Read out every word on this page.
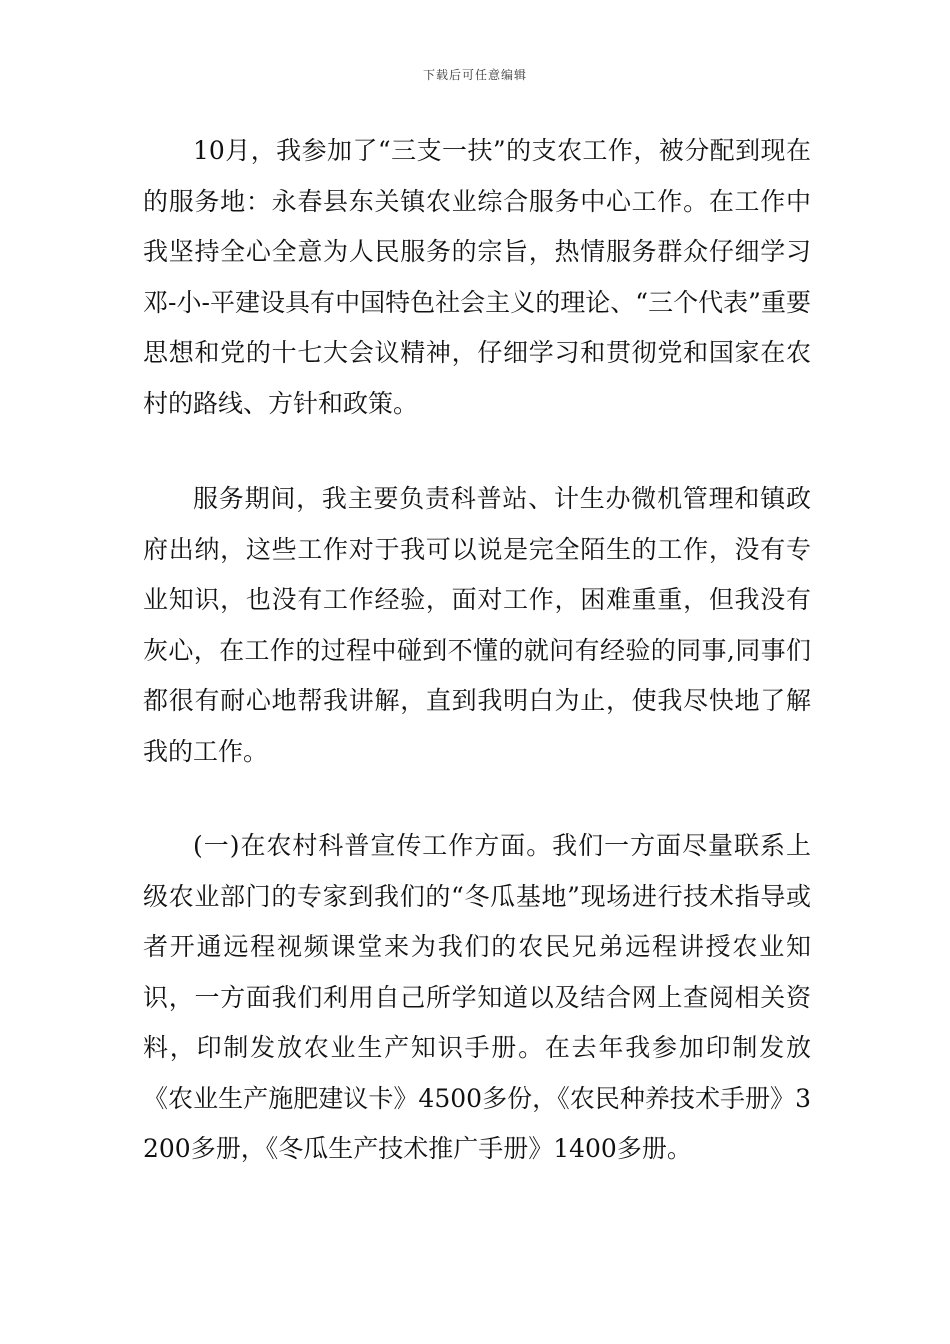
下载后可任意编辑

10月，我参加了“三支一扶”的支农工作，被分配到现在的服务地：永春县东关镇农业综合服务中心工作。在工作中我坚持全心全意为人民服务的宗旨，热情服务群众仔细学习邓-小-平建设具有中国特色社会主义的理论、“三个代表”重要思想和党的十七大会议精神，仔细学习和贯彻党和国家在农村的路线、方针和政策。

服务期间，我主要负责科普站、计生办微机管理和镇政府出纳，这些工作对于我可以说是完全陌生的工作，没有专业知识，也没有工作经验，面对工作，困难重重，但我没有灰心，在工作的过程中碰到不懂的就问有经验的同事,同事们都很有耐心地帮我讲解，直到我明白为止，使我尽快地了解我的工作。

(一)在农村科普宣传工作方面。我们一方面尽量联系上级农业部门的专家到我们的“冬瓜基地”现场进行技术指导或者开通远程视频课堂来为我们的农民兄弟远程讲授农业知识，一方面我们利用自己所学知道以及结合网上查阅相关资料，印制发放农业生产知识手册。在去年我参加印制发放《农业生产施肥建议卡》4500多份，《农民种养技术手册》3200多册，《冬瓜生产技术推广手册》1400多册。
